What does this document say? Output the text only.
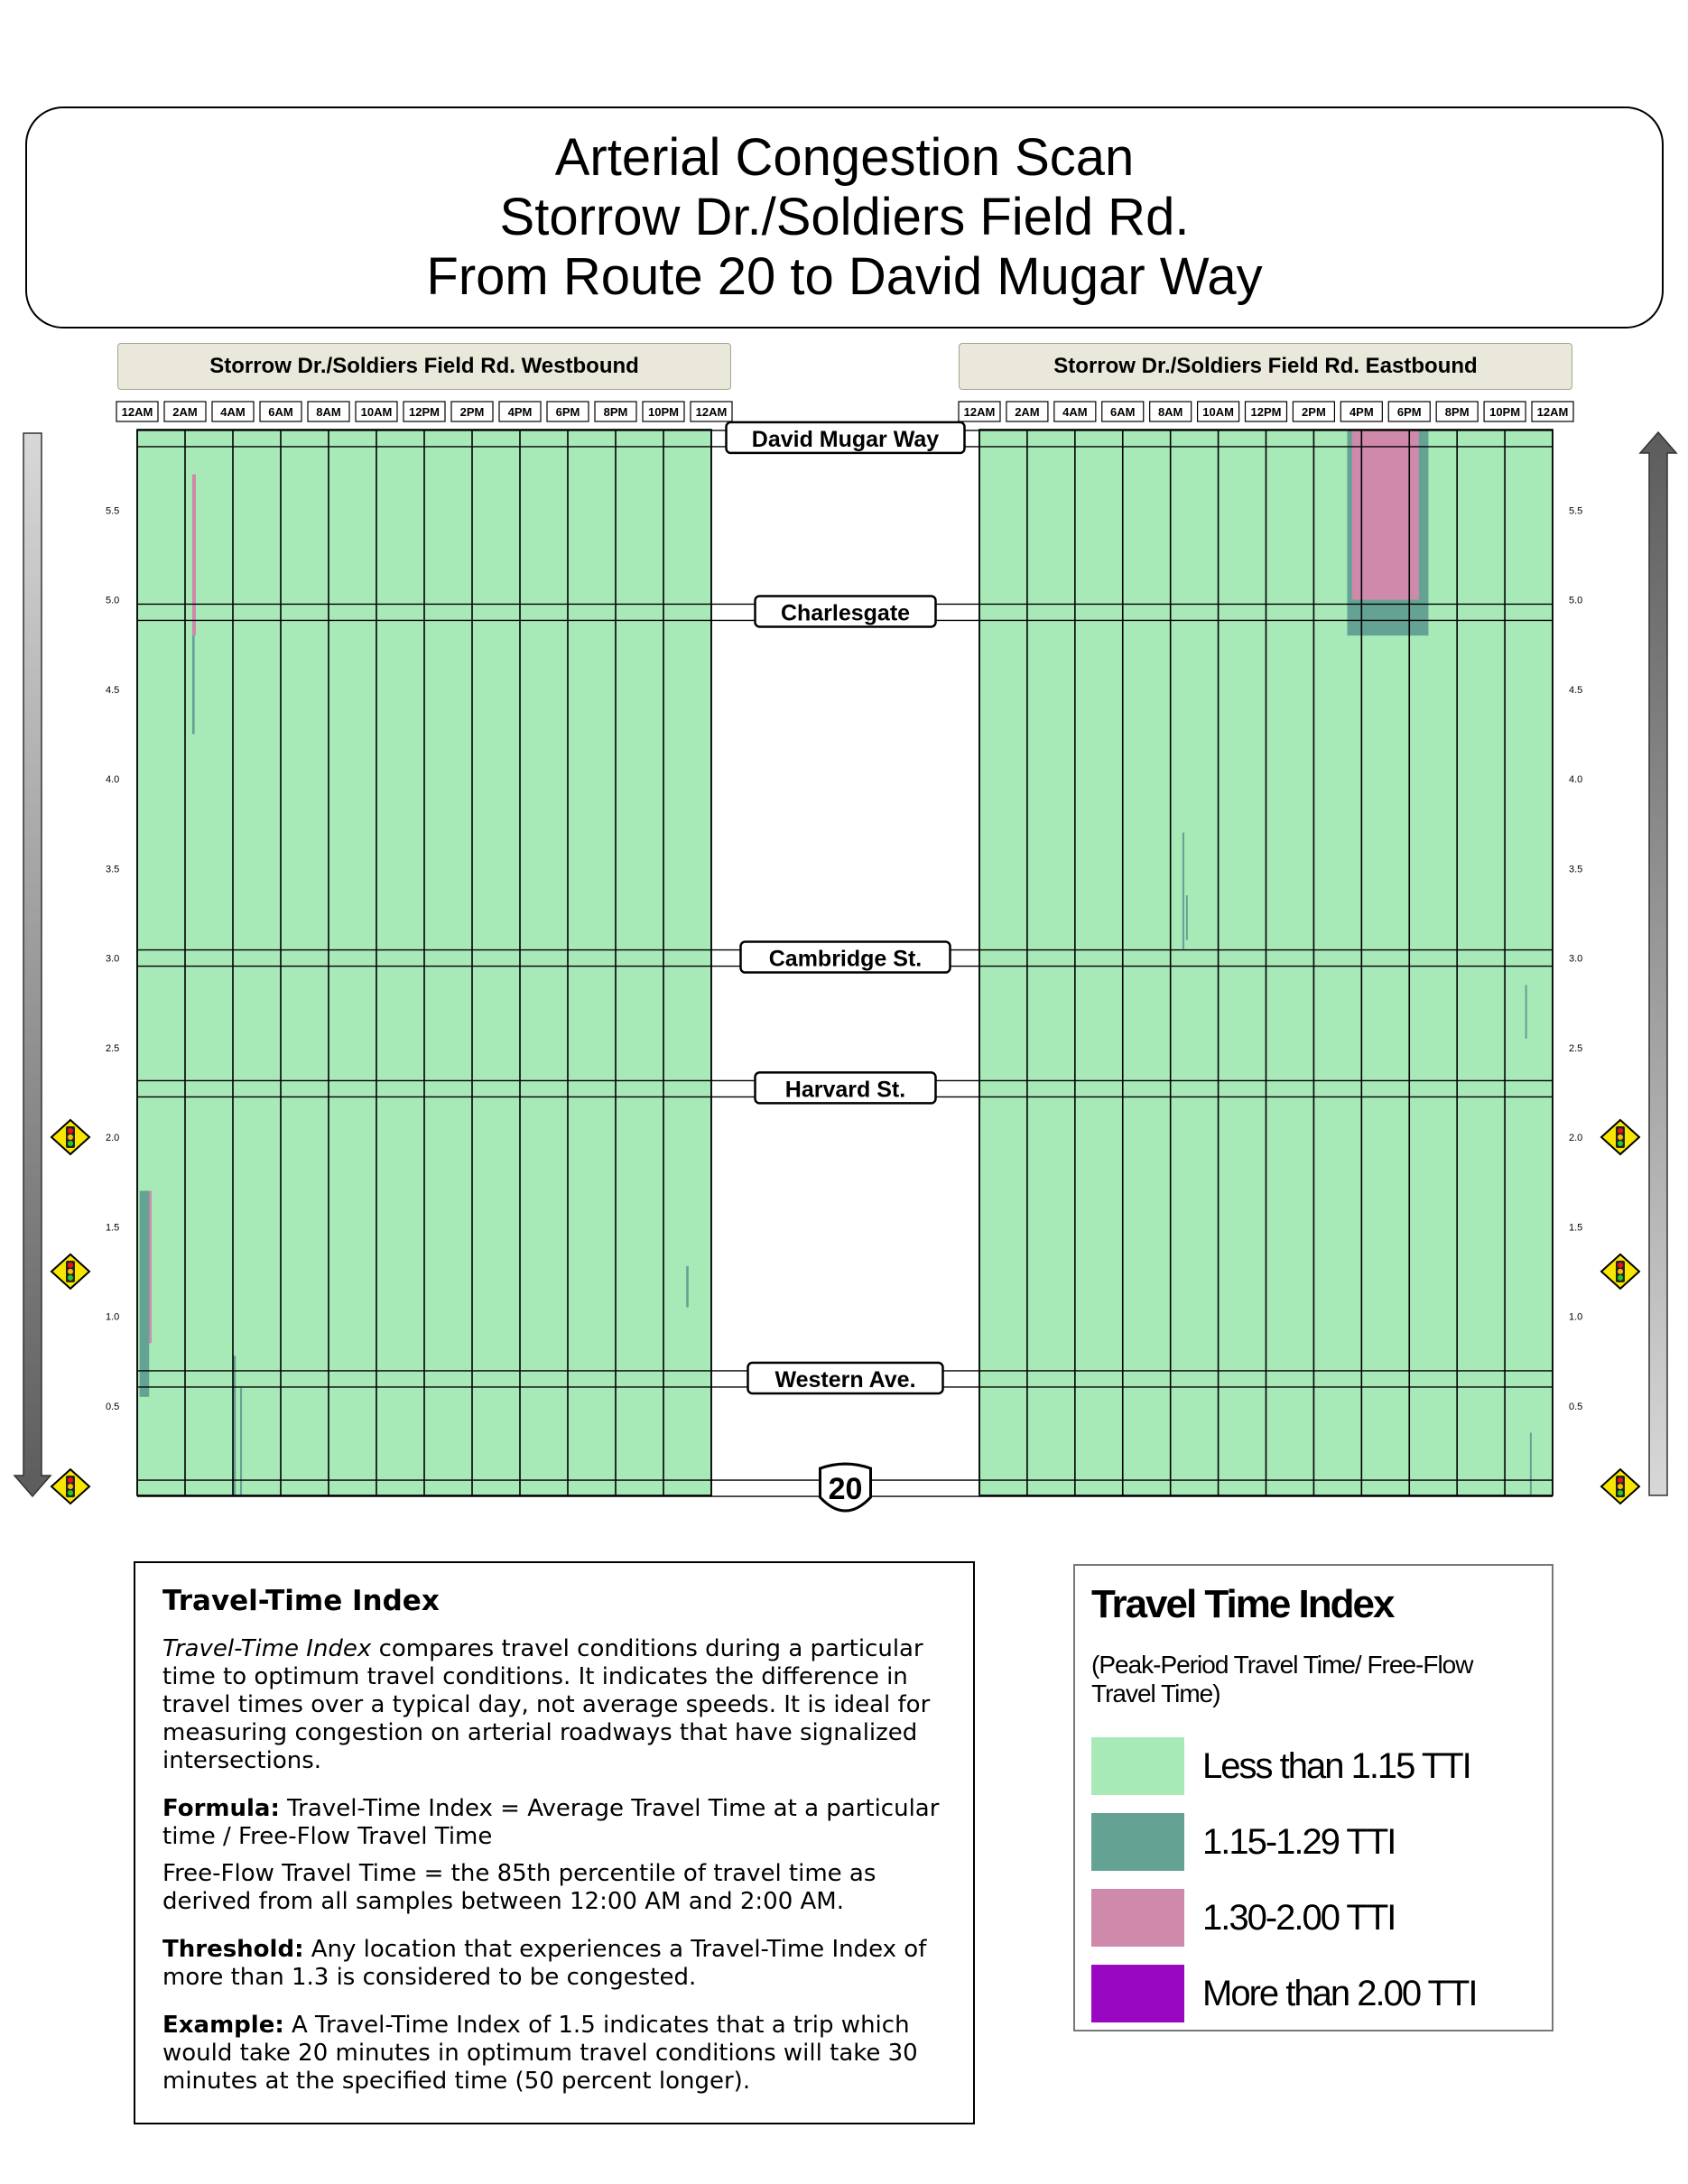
Arterial Congestion Scan
Storrow Dr./Soldiers Field Rd.
From Route 20 to David Mugar Way
Storrow Dr./Soldiers Field Rd. Westbound	Storrow Dr./Soldiers Field Rd. Eastbound
12AM 2AM 4AM 6AM 8AM 10AM 12PM 2PM 4PM 6PM 8PM 10PM 12AM	12AM 2AM 4AM 6AM 8AM 10AM 12PM 2PM 4PM 6PM 8PM 10PM 12AM
David Mugar Way
Charlesgate
Cambridge St.
Harvard St.
Western Ave.
20
0.5	0.5
1.0	1.0
1.5	1.5
2.0	2.0
2.5	2.5
3.0	3.0
3.5	3.5
4.0	4.0
4.5	4.5
5.0	5.0
5.5	5.5
Travel-Time Index

Travel-Time Index compares travel conditions during a particular time to optimum travel conditions. It indicates the difference in travel times over a typical day, not average speeds. It is ideal for measuring congestion on arterial roadways that have signalized intersections.

Formula: Travel-Time Index = Average Travel Time at a particular time / Free-Flow Travel Time

Free-Flow Travel Time = the 85th percentile of travel time as derived from all samples between 12:00 AM and 2:00 AM.

Threshold: Any location that experiences a Travel-Time Index of more than 1.3 is considered to be congested.

Example: A Travel-Time Index of 1.5 indicates that a trip which would take 20 minutes in optimum travel conditions will take 30 minutes at the specified time (50 percent longer).

Travel Time Index
(Peak-Period Travel Time/ Free-Flow Travel Time)
Less than 1.15 TTI
1.15-1.29 TTI
1.30-2.00 TTI
More than 2.00 TTI
